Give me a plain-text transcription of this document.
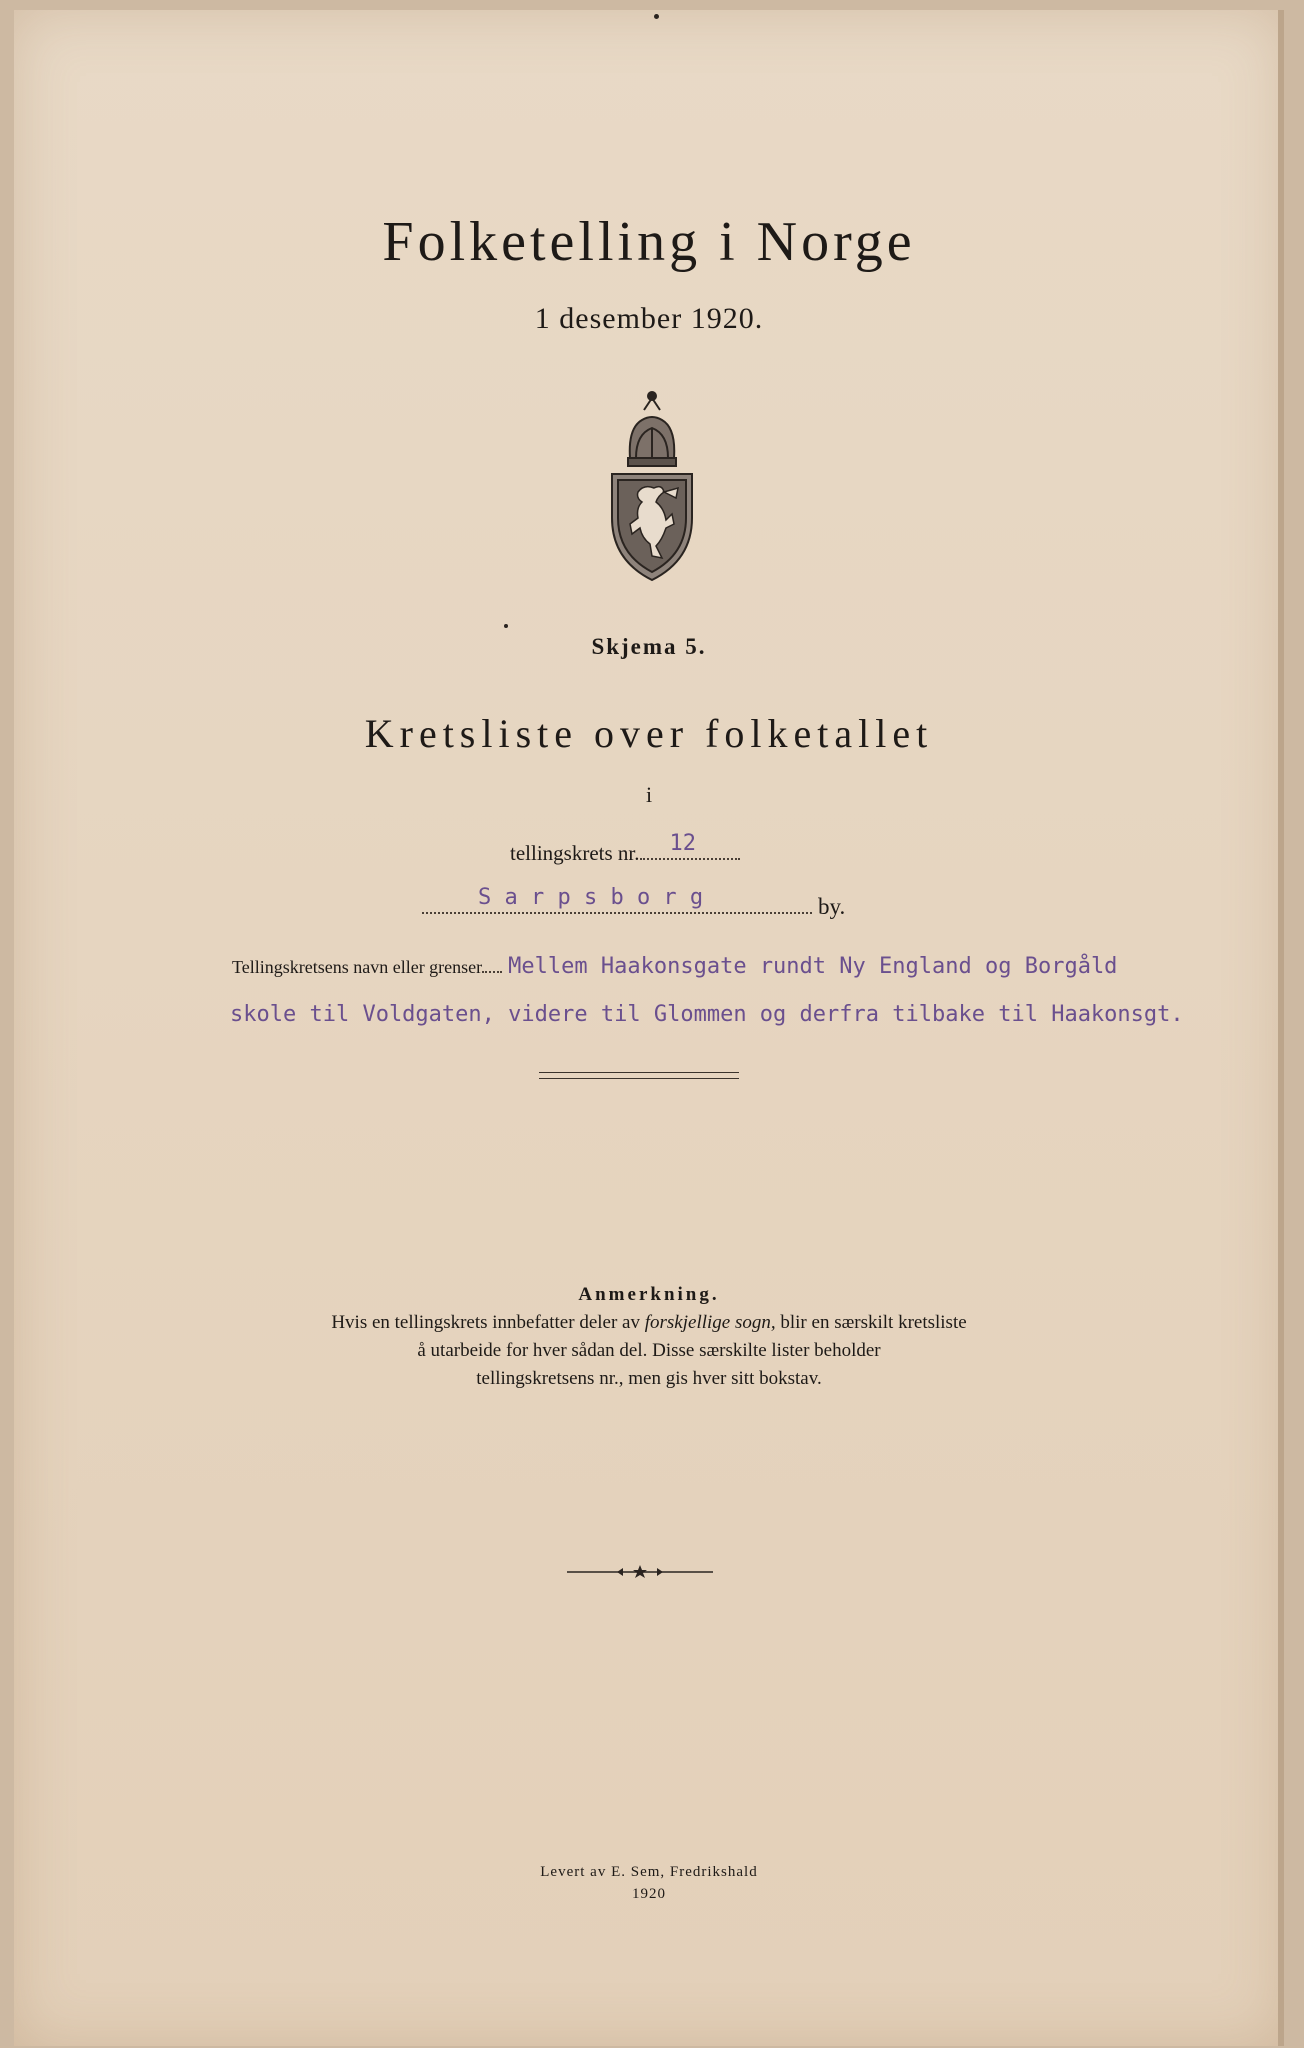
Folketelling i Norge
1 desember 1920.
Skjema 5.
Kretsliste over folketallet
i
tellingskrets nr. 12
S a r p s b o r g	by.
Tellingskretsens navn eller grenser Mellem Haakonsgate rundt Ny England og Borgåld
skole til Voldgaten, videre til Glommen og derfra tilbake til Haakonsgt.
Anmerkning.
Hvis en tellingskrets innbefatter deler av forskjellige sogn, blir en særskilt kretsliste
å utarbeide for hver sådan del. Disse særskilte lister beholder
tellingskretsens nr., men gis hver sitt bokstav.
Levert av E. Sem, Fredrikshald
1920
